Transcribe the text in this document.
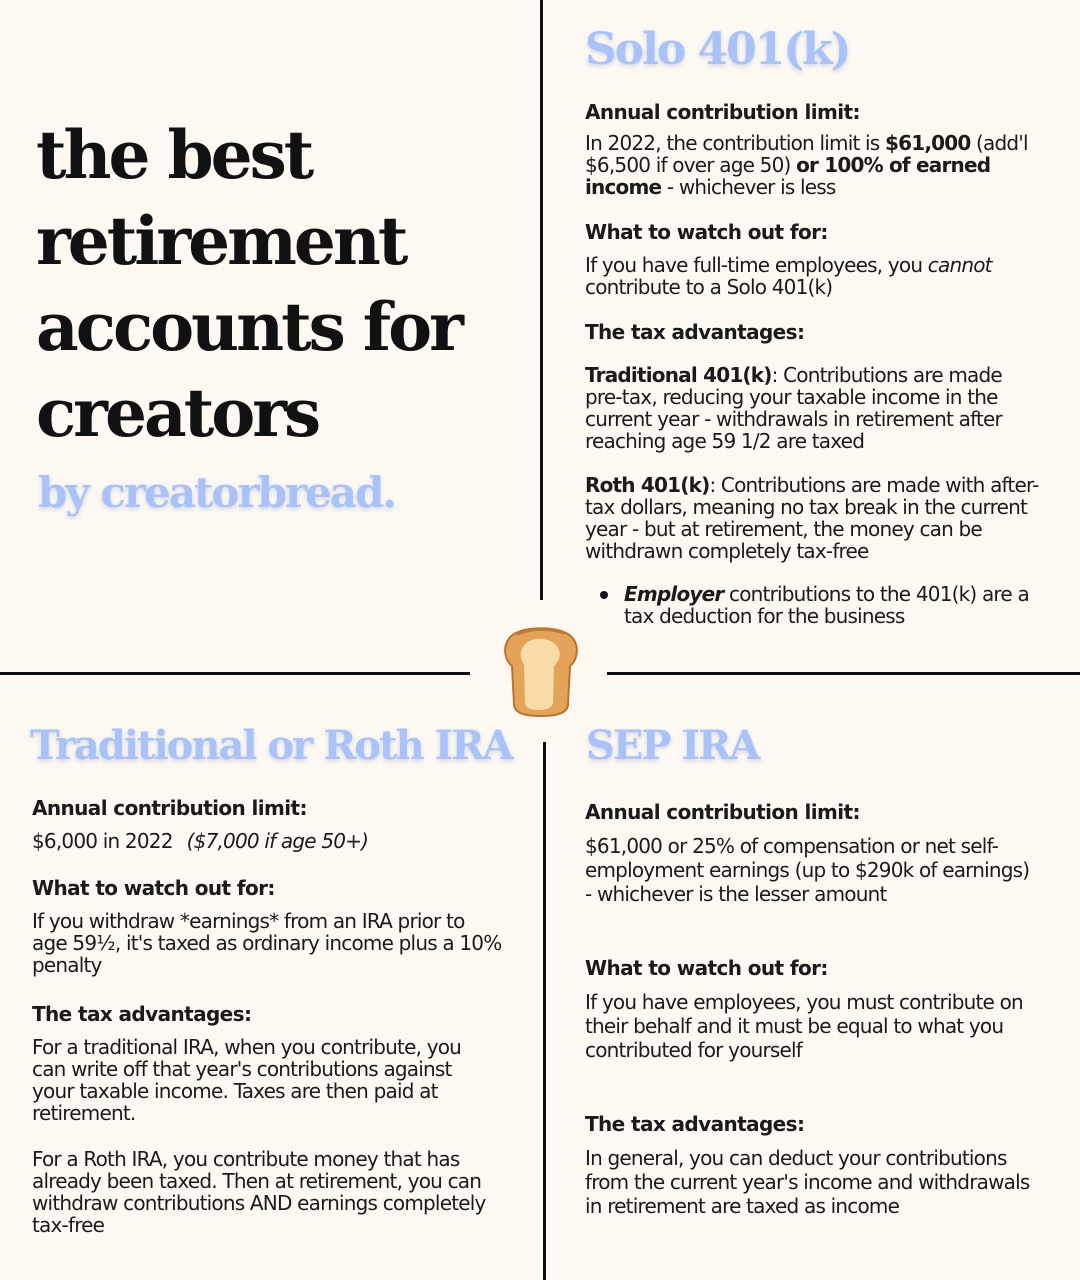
the best
retirement
accounts for
creators
by creatorbread.
Solo 401(k)

Annual contribution limit:

In 2022, the contribution limit is $61,000 (add'l $6,500 if over age 50) or 100% of earned income - whichever is less

What to watch out for:

If you have full-time employees, you cannot contribute to a Solo 401(k)

The tax advantages:

Traditional 401(k): Contributions are made pre-tax, reducing your taxable income in the current year - withdrawals in retirement after reaching age 59 1/2 are taxed

Roth 401(k): Contributions are made with after-tax dollars, meaning no tax break in the current year - but at retirement, the money can be withdrawn completely tax-free

Employer contributions to the 401(k) are a tax deduction for the business

Traditional or Roth IRA

Annual contribution limit:

$6,000 in 2022 ($7,000 if age 50+)

What to watch out for:

If you withdraw *earnings* from an IRA prior to age 59½, it's taxed as ordinary income plus a 10% penalty

The tax advantages:

For a traditional IRA, when you contribute, you can write off that year's contributions against your taxable income. Taxes are then paid at retirement.

For a Roth IRA, you contribute money that has already been taxed. Then at retirement, you can withdraw contributions AND earnings completely tax-free

SEP IRA

Annual contribution limit:

$61,000 or 25% of compensation or net self-employment earnings (up to $290k of earnings) - whichever is the lesser amount

What to watch out for:

If you have employees, you must contribute on their behalf and it must be equal to what you contributed for yourself

The tax advantages:

In general, you can deduct your contributions from the current year's income and withdrawals in retirement are taxed as income
